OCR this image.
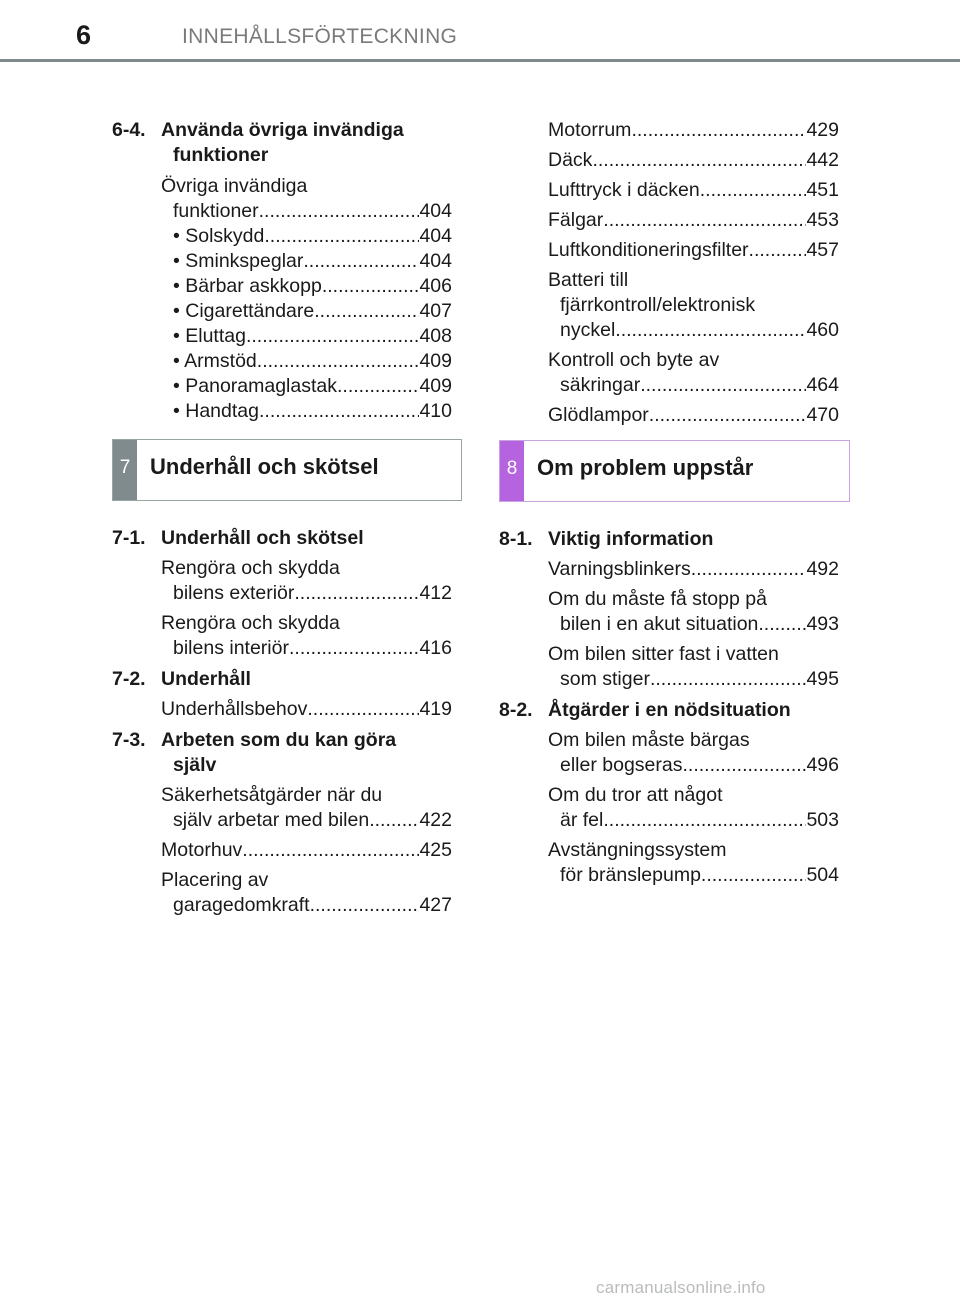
6	INNEHÅLLSFÖRTECKNING

6-4. Använda övriga invändiga
funktioner

Övriga invändiga
funktioner .....	404
• Solskydd .....	404
• Sminkspeglar .....	404
• Bärbar askkopp .....	406
• Cigarettändare .....	407
• Eluttag .....	408
• Armstöd .....	409
• Panoramaglastak .....	409
• Handtag .....	410
7 Underhåll och skötsel

7-1. Underhåll och skötsel

Rengöra och skydda
bilens exteriör .....	412
Rengöra och skydda
bilens interiör .....	416

7-2. Underhåll

Underhållsbehov .....	419

7-3. Arbeten som du kan göra
själv

Säkerhetsåtgärder när du
själv arbetar med bilen .....	422
Motorhuv .....	425
Placering av
garagedomkraft .....	427
Motorrum .....	429
Däck .....	442
Lufttryck i däcken .....	451
Fälgar .....	453
Luftkonditioneringsfilter .....	457
Batteri till
fjärrkontroll/elektronisk
nyckel .....	460
Kontroll och byte av
säkringar .....	464
Glödlampor .....	470
8 Om problem uppstår

8-1. Viktig information

Varningsblinkers .....	492
Om du måste få stopp på
bilen i en akut situation ..... 493
Om bilen sitter fast i vatten
som stiger .....	495

8-2. Åtgärder i en nödsituation

Om bilen måste bärgas
eller bogseras .....	496
Om du tror att något
är fel .....	503
Avstängningssystem
för bränslepump .....	504
carmanualsonline.info
